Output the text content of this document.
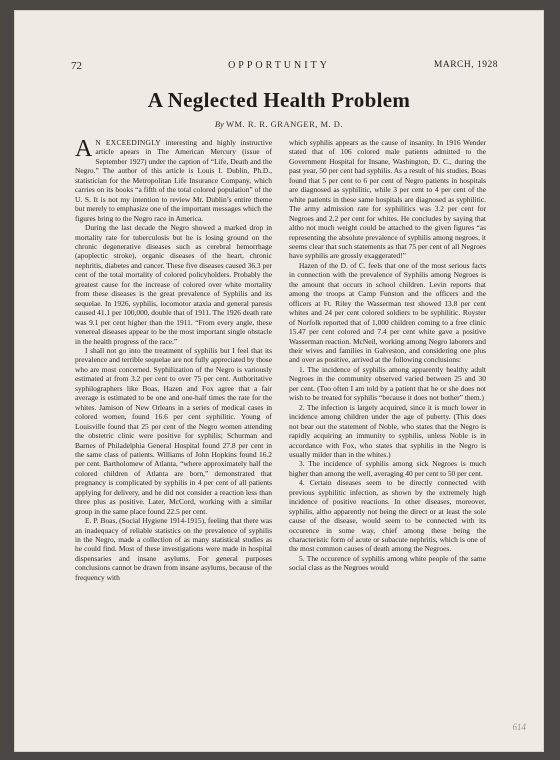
72	OPPORTUNITY	MARCH, 1928
A Neglected Health Problem
By WM. R. R. GRANGER, M. D.

A N EXCEEDINGLY interesting and highly instructive article apears in The American Mercury (issue of September 1927) under the caption of “Life, Death and the Negro.” The author of this article is Louis I. Dublin, Ph.D., statistician for the Metropolitan Life Insurance Company, which carries on its books “a fifth of the total colored population” of the U. S. It is not my intention to review Mr. Dublin’s entire theme but merely to emphasize one of the important messages which the figures bring to the Negro race in America.

During the last decade the Negro showed a marked drop in mortality rate for tuberculosis but he is losing ground on the chronic degenerative diseases such as cerebral hemorrhage (apoplectic stroke), organic diseases of the heart, chronic nephritis, diabetes and cancer. These five diseases caused 36.3 per cent of the total mortality of colored policyholders. Probably the greatest cause for the increase of colored over white mortality from these diseases is the great prevalence of Syphilis and its sequelae. In 1926, syphilis, locomotor ataxia and general paresis caused 41.1 per 100,000, double that of 1911. The 1926 death rate was 9.1 per cent higher than the 1911. “From every angle, these venereal diseases appear to be the most important single obstacle in the health progress of the race.”

I shall not go into the treatment of syphilis but I feel that its prevalence and terrible sequelae are not fully appreciated by those who are most concerned. Syphilization of the Negro is variously estimated at from 3.2 per cent to over 75 per cent. Authoritative syphilographers like Boas, Hazen and Fox agree that a fair average is estimated to be one and one-half times the rate for the whites. Jamison of New Orleans in a series of medical cases in colored women, found 16.6 per cent syphilitic. Young of Louisville found that 25 per cent of the Negro women attending the obstetric clinic were positive for syphilis; Schurman and Barnes of Philadelphia General Hospital found 27.8 per cent in the same class of patients. Williams of John Hopkins found 16.2 per cent. Bartholomew of Atlanta, “where approximately half the colored children of Atlanta are born,” demonstrated that pregnancy is complicated by syphilis in 4 per cent of all patients applying for delivery, and he did not consider a reaction less than three plus as positive. Later, McCord, working with a similar group in the same place found 22.5 per cent.

E. P. Boas, (Social Hygiene 1914-1915), feeling that there was an inadequacy of reliable statistics on the prevalence of syphilis in the Negro, made a collection of as many statistical studies as he could find. Most of these investigations were made in hospital dispensaries and insane asylums. For general purposes conclusions cannot be drawn from insane asylums, because of the frequency with

which syphilis appears as the cause of insanity. In 1916 Wender stated that of 106 colored male patients admitted to the Government Hospital for Insane, Washington, D. C., during the past year, 50 per cent had syphilis. As a result of his studies, Boas found that 5 per cent to 6 per cent of Negro patients in hospitals are diagnosed as syphilitic, while 3 per cent to 4 per cent of the white patients in these same hospitals are diagnosed as syphilitic. The army admission rate for syphilitics was 3.2 per cent for Negroes and 2.2 per cent for whites. He concludes by saying that altho not much weight could be attached to the given figures “as representing the absolute prevalence of syphilis among negroes, it seems clear that such statements as that 75 per cent of all Negroes have syphilis are grossly exaggerated!”

Hazen of the D. of C. feels that one of the most serious facts in connection with the prevalence of Syphilis among Negroes is the amount that occurs in school children. Levin reports that among the troops at Camp Funston and the officers and the officers at Ft. Riley the Wasserman test showed 13.8 per cent whites and 24 per cent colored soldiers to be syphilitic. Royster of Norfolk reported that of 1,000 children coming to a free clinic 15.47 per cent colored and 7.4 per cent white gave a positive Wasserman reaction. McNeil, working among Negro laborers and their wives and families in Galveston, and considering one plus and over as positive, arrived at the following conclusions:

1. The incidence of syphilis among apparently healthy adult Negroes in the community observed varied between 25 and 30 per cent. (Too often I am told by a patient that he or she does not wish to be treated for syphilis “because it does not bother” them.)

2. The infection is largely acquired, since it is much lower in incidence among children under the age of puberty. (This does not bear out the statement of Noble, who states that the Negro is rapidly acquiring an immunity to syphilis, unless Noble is in accordance with Fox, who states that syphilis in the Negro is usually milder than in the whites.)

3. The incidence of syphilis among sick Negroes is much higher than among the well, averaging 40 per cent to 50 per cent.

4. Certain diseases seem to be directly connected with previous syphilitic infection, as shown by the extremely high incidence of positive reactions. In other diseases, moreover, syphilis, altho apparently not being the direct or at least the sole cause of the disease, would seem to be connected with its occurence in some way, chief among these being the characteristic form of acute or subacute nephritis, which is one of the most common causes of death among the Negroes.

5. The occurence of syphilis among white people of the same social class as the Negroes would

614
